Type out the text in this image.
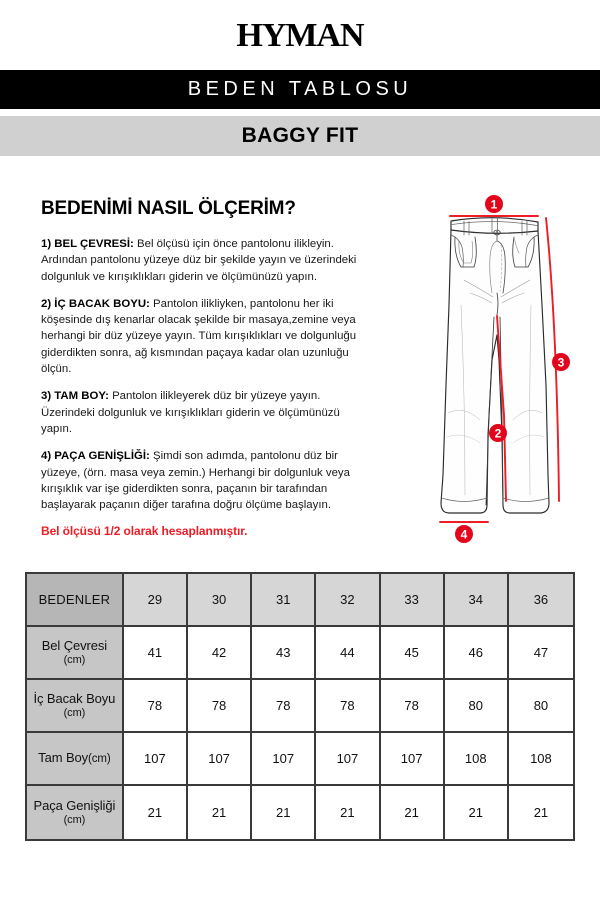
HYMAN
BEDEN TABLOSU
BAGGY FIT
BEDENİMİ NASIL ÖLÇERİM?

1) BEL ÇEVRESİ: Bel ölçüsü için önce pantolonu ilikleyin. Ardından pantolonu yüzeye düz bir şekilde yayın ve üzerindeki dolgunluk ve kırışıklıkları giderin ve ölçümünüzü yapın.

2) İÇ BACAK BOYU: Pantolon ilikliyken, pantolonu her iki köşesinde dış kenarlar olacak şekilde bir masaya,zemine veya herhangi bir düz yüzeye yayın. Tüm kırışıklıkları ve dolgunluğu giderdikten sonra, ağ kısmından paçaya kadar olan uzunluğu ölçün.

3) TAM BOY: Pantolon ilikleyerek düz bir yüzeye yayın. Üzerindeki dolgunluk ve kırışıklıkları giderin ve ölçümünüzü yapın.

4) PAÇA GENİŞLİĞİ: Şimdi son adımda, pantolonu düz bir yüzeye, (örn. masa veya zemin.) Herhangi bir dolgunluk veya kırışıklık var işe giderdikten sonra, paçanın bir tarafından başlayarak paçanın diğer tarafına doğru ölçüme başlayın.

Bel ölçüsü 1/2 olarak hesaplanmıştır.
1
3
2
4
BEDENLER	29	30	31	32	33	34	36
Bel Çevresi
(cm)	41	42	43	44	45	46	47
İç Bacak Boyu
(cm)	78	78	78	78	78	80	80
Tam Boy(cm)	107	107	107	107	107	108	108
Paça Genişliği
(cm)	21	21	21	21	21	21	21
